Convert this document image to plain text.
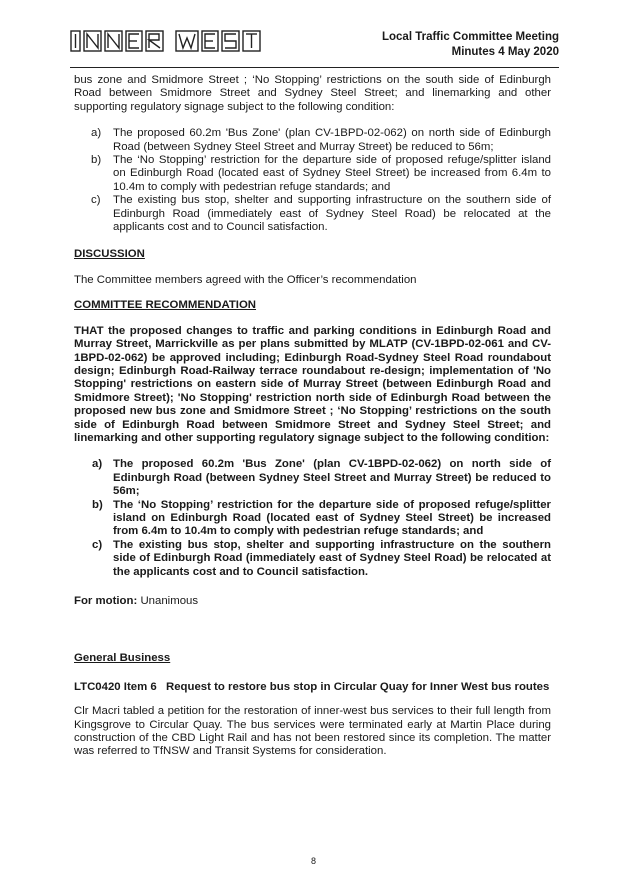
Local Traffic Committee Meeting
Minutes 4 May 2020

bus zone and Smidmore Street ; ‘No Stopping’ restrictions on the south side of Edinburgh Road between Smidmore Street and Sydney Steel Street; and linemarking and other supporting regulatory signage subject to the following condition:

a) The proposed 60.2m 'Bus Zone' (plan CV-1BPD-02-062) on north side of Edinburgh Road (between Sydney Steel Street and Murray Street) be reduced to 56m;
b) The ‘No Stopping’ restriction for the departure side of proposed refuge/splitter island on Edinburgh Road (located east of Sydney Steel Street) be increased from 6.4m to 10.4m to comply with pedestrian refuge standards; and
c) The existing bus stop, shelter and supporting infrastructure on the southern side of Edinburgh Road (immediately east of Sydney Steel Road) be relocated at the applicants cost and to Council satisfaction.

DISCUSSION

The Committee members agreed with the Officer’s recommendation

COMMITTEE RECOMMENDATION

THAT the proposed changes to traffic and parking conditions in Edinburgh Road and Murray Street, Marrickville as per plans submitted by MLATP (CV-1BPD-02-061 and CV-1BPD-02-062) be approved including; Edinburgh Road-Sydney Steel Road roundabout design; Edinburgh Road-Railway terrace roundabout re-design; implementation of 'No Stopping' restrictions on eastern side of Murray Street (between Edinburgh Road and Smidmore Street); 'No Stopping' restriction north side of Edinburgh Road between the proposed new bus zone and Smidmore Street ; ‘No Stopping’ restrictions on the south side of Edinburgh Road between Smidmore Street and Sydney Steel Street; and linemarking and other supporting regulatory signage subject to the following condition:

a) The proposed 60.2m 'Bus Zone' (plan CV-1BPD-02-062) on north side of Edinburgh Road (between Sydney Steel Street and Murray Street) be reduced to 56m;
b) The ‘No Stopping’ restriction for the departure side of proposed refuge/splitter island on Edinburgh Road (located east of Sydney Steel Street) be increased from 6.4m to 10.4m to comply with pedestrian refuge standards; and
c) The existing bus stop, shelter and supporting infrastructure on the southern side of Edinburgh Road (immediately east of Sydney Steel Road) be relocated at the applicants cost and to Council satisfaction.

For motion: Unanimous

General Business

LTC0420 Item 6 Request to restore bus stop in Circular Quay for Inner West bus routes

Clr Macri tabled a petition for the restoration of inner-west bus services to their full length from Kingsgrove to Circular Quay. The bus services were terminated early at Martin Place during construction of the CBD Light Rail and has not been restored since its completion. The matter was referred to TfNSW and Transit Systems for consideration.

8
